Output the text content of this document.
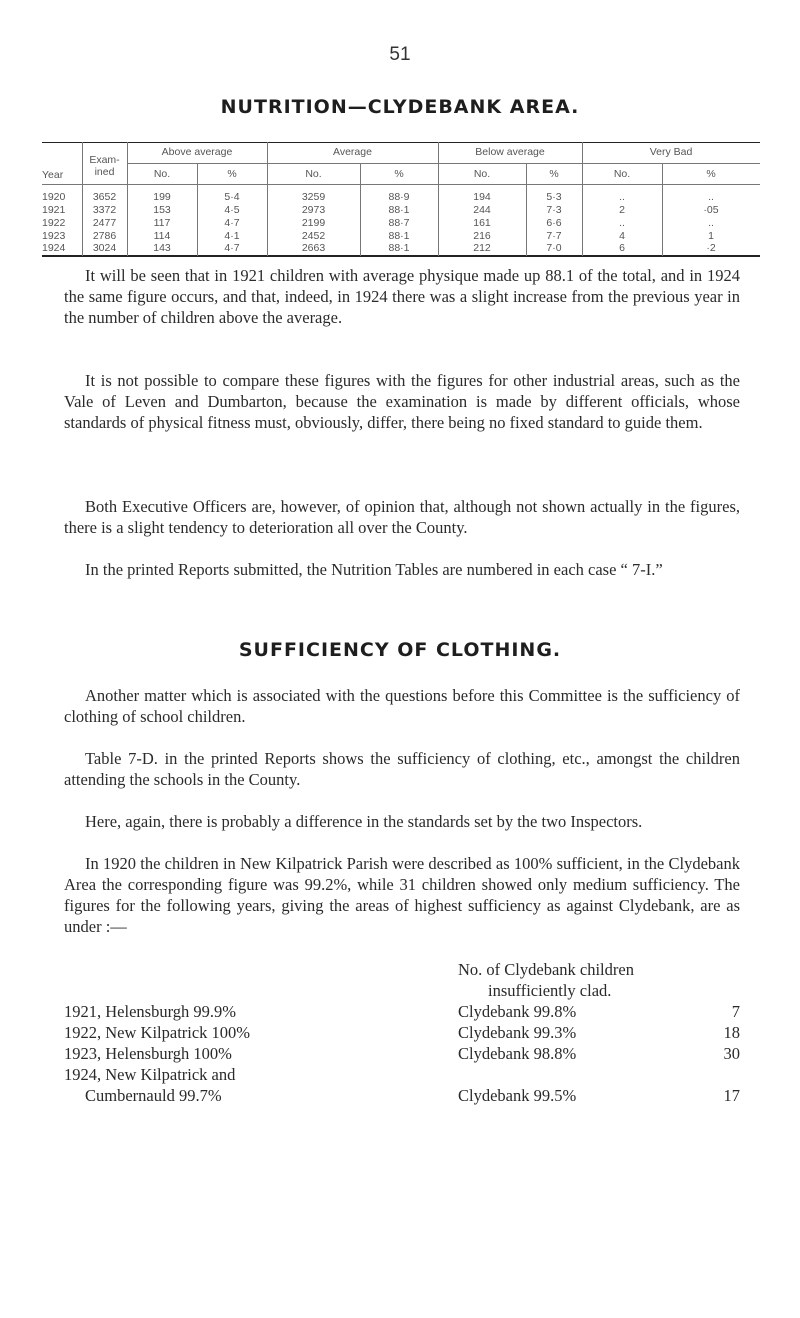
51
NUTRITION—CLYDEBANK AREA.
Year
Exam-
ined
Above average	Average	Below average	Very Bad
No.	%	No.	%	No.	%	No.	%
1920	3652	199	5·4	3259	88·9	194	5·3	..	..
1921	3372	153	4·5	2973	88·1	244	7·3	2	·05
1922	2477	117	4·7	2199	88·7	161	6·6	..	..
1923	2786	114	4·1	2452	88·1	216	7·7	4	1
1924	3024	143	4·7	2663	88·1	212	7·0	6	·2

It will be seen that in 1921 children with average physique made up 88.1 of the total, and in 1924 the same figure occurs, and that, indeed, in 1924 there was a slight increase from the previous year in the number of children above the average.

It is not possible to compare these figures with the figures for other industrial areas, such as the Vale of Leven and Dumbarton, because the examination is made by different officials, whose standards of physical fitness must, obviously, differ, there being no fixed standard to guide them.

Both Executive Officers are, however, of opinion that, although not shown actually in the figures, there is a slight tendency to deterioration all over the County.

In the printed Reports submitted, the Nutrition Tables are numbered in each case “ 7-I.”

SUFFICIENCY OF CLOTHING.

Another matter which is associated with the questions before this Committee is the sufficiency of clothing of school children.

Table 7-D. in the printed Reports shows the sufficiency of clothing, etc., amongst the children attending the schools in the County.

Here, again, there is probably a difference in the standards set by the two Inspectors.

In 1920 the children in New Kilpatrick Parish were described as 100% sufficient, in the Clydebank Area the corresponding figure was 99.2%, while 31 children showed only medium sufficiency. The figures for the following years, giving the areas of highest sufficiency as against Clydebank, are as under :—

No. of Clydebank children
insufficiently clad.
1921, Helensburgh 99.9%	Clydebank 99.8%	7
1922, New Kilpatrick 100%	Clydebank 99.3%	18
1923, Helensburgh 100%	Clydebank 98.8%	30
1924, New Kilpatrick and
Cumbernauld 99.7%	Clydebank 99.5%	17
